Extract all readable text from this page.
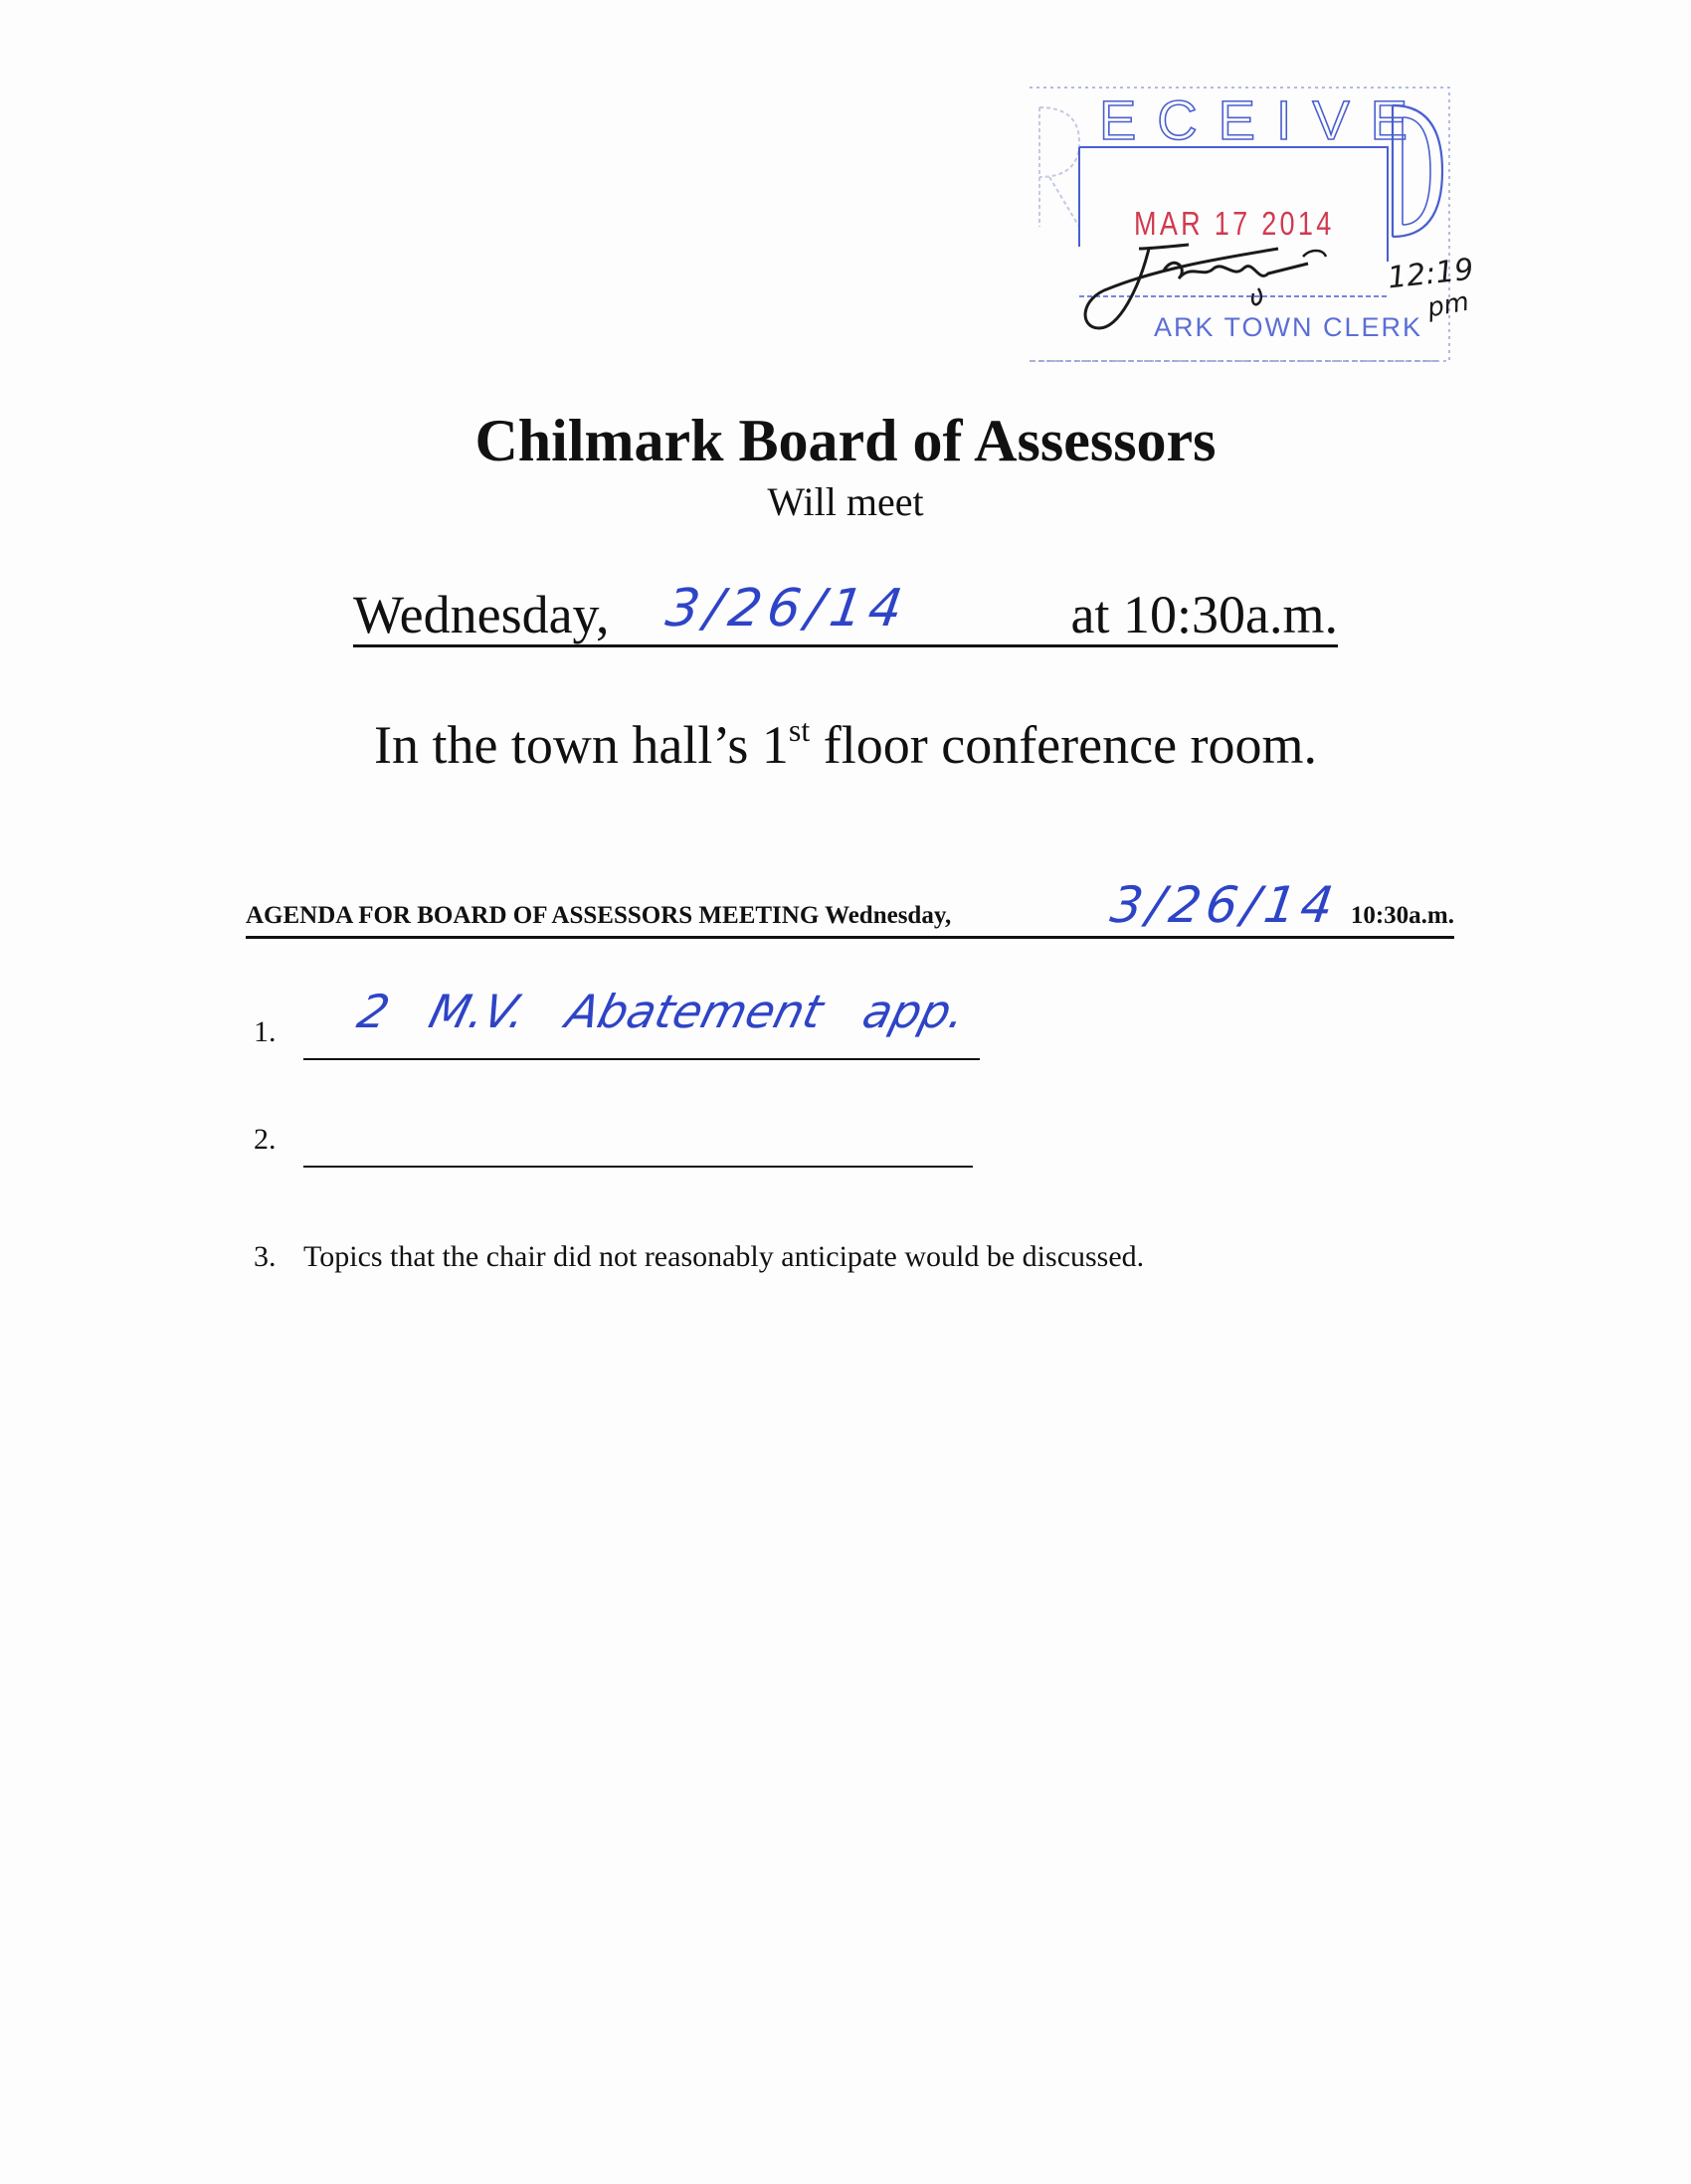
E C E I V E
MAR 17 2014
ARK TOWN CLERK
12:19
pm
Chilmark Board of Assessors
Will meet
Wednesday, 3/26/14	at 10:30a.m.
In the town hall’s 1st floor conference room.
AGENDA FOR BOARD OF ASSESSORS MEETING Wednesday,	3/26/14 10:30a.m.
1. 2 M.V. Abatement app.
2.
3. Topics that the chair did not reasonably anticipate would be discussed.
